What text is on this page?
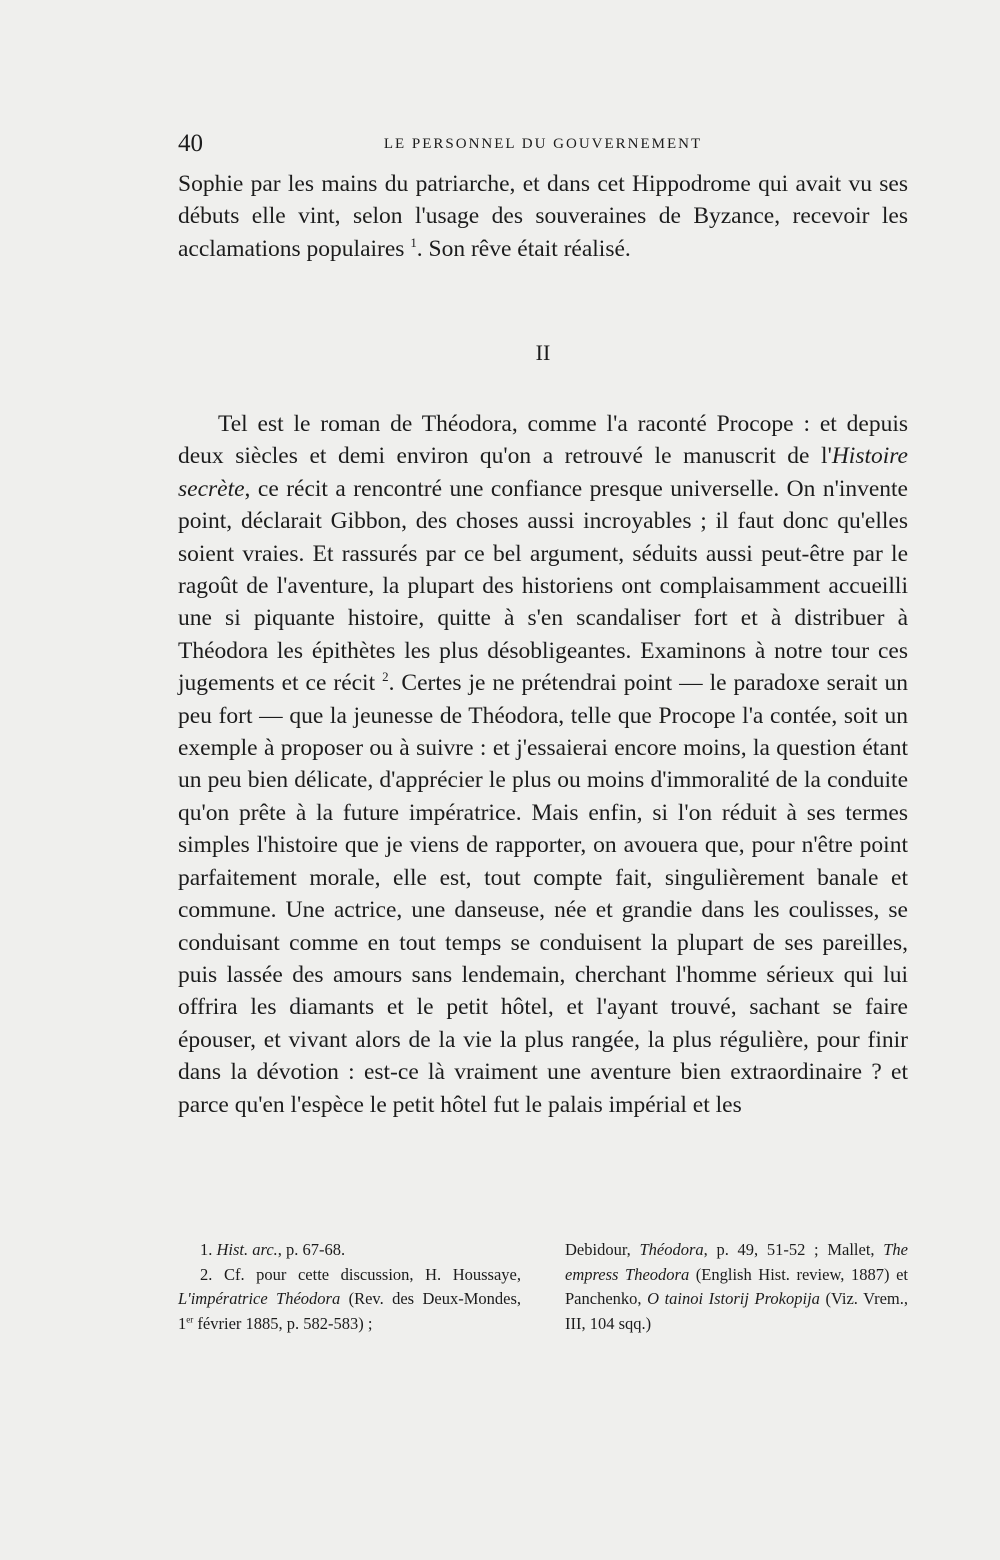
40	LE PERSONNEL DU GOUVERNEMENT

Sophie par les mains du patriarche, et dans cet Hippodrome qui avait vu ses débuts elle vint, selon l'usage des souveraines de Byzance, recevoir les acclamations populaires $^1$. Son rêve était réalisé.

II

Tel est le roman de Théodora, comme l'a raconté Procope : et depuis deux siècles et demi environ qu'on a retrouvé le manuscrit de l'Histoire secrète, ce récit a rencontré une confiance presque universelle. On n'invente point, déclarait Gibbon, des choses aussi incroyables ; il faut donc qu'elles soient vraies. Et rassurés par ce bel argument, séduits aussi peut-être par le ragoût de l'aventure, la plupart des historiens ont complaisamment accueilli une si piquante histoire, quitte à s'en scandaliser fort et à distribuer à Théodora les épithètes les plus désobligeantes. Examinons à notre tour ces jugements et ce récit $^2$. Certes je ne prétendrai point — le paradoxe serait un peu fort — que la jeunesse de Théodora, telle que Procope l'a contée, soit un exemple à proposer ou à suivre : et j'essaierai encore moins, la question étant un peu bien délicate, d'apprécier le plus ou moins d'immoralité de la conduite qu'on prête à la future impératrice. Mais enfin, si l'on réduit à ses termes simples l'histoire que je viens de rapporter, on avouera que, pour n'être point parfaitement morale, elle est, tout compte fait, singulièrement banale et commune. Une actrice, une danseuse, née et grandie dans les coulisses, se conduisant comme en tout temps se conduisent la plupart de ses pareilles, puis lassée des amours sans lendemain, cherchant l'homme sérieux qui lui offrira les diamants et le petit hôtel, et l'ayant trouvé, sachant se faire épouser, et vivant alors de la vie la plus rangée, la plus régulière, pour finir dans la dévotion : est-ce là vraiment une aventure bien extraordinaire ? et parce qu'en l'espèce le petit hôtel fut le palais impérial et les

1. Hist. arc., p. 67-68.
2. Cf. pour cette discussion, H. Houssaye, L'impératrice Théodora (Rev. des Deux-Mondes, 1er février 1885, p. 582-583) ;
Debidour, Théodora, p. 49, 51-52 ; Mallet, The empress Theodora (English Hist. review, 1887) et Panchenko, O tainoi Istorij Prokopija (Viz. Vrem., III, 104 sqq.)
